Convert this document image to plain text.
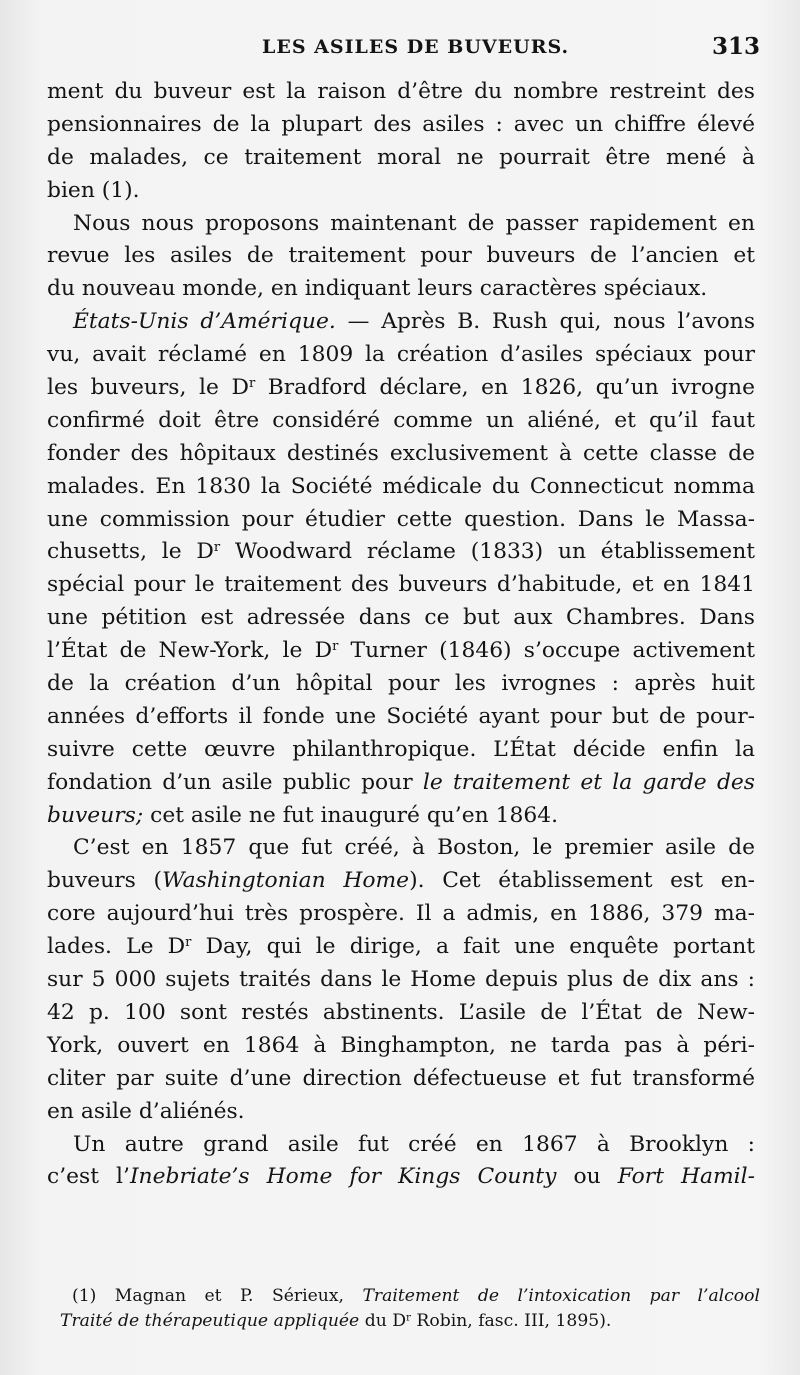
LES ASILES DE BUVEURS.	313
ment du buveur est la raison d’être du nombre restreint des
pensionnaires de la plupart des asiles : avec un chiffre élevé
de malades, ce traitement moral ne pourrait être mené à
bien (1).
Nous nous proposons maintenant de passer rapidement en
revue les asiles de traitement pour buveurs de l’ancien et
du nouveau monde, en indiquant leurs caractères spéciaux.
États-Unis d’Amérique. — Après B. Rush qui, nous l’avons
vu, avait réclamé en 1809 la création d’asiles spéciaux pour
les buveurs, le $D^r$ Bradford déclare, en 1826, qu’un ivrogne
confirmé doit être considéré comme un aliéné, et qu’il faut
fonder des hôpitaux destinés exclusivement à cette classe de
malades. En 1830 la Société médicale du Connecticut nomma
une commission pour étudier cette question. Dans le Massa-
chusetts, le $D^r$ Woodward réclame (1833) un établissement
spécial pour le traitement des buveurs d’habitude, et en 1841
une pétition est adressée dans ce but aux Chambres. Dans
l’État de New-York, le $D^r$ Turner (1846) s’occupe activement
de la création d’un hôpital pour les ivrognes : après huit
années d’efforts il fonde une Société ayant pour but de pour-
suivre cette œuvre philanthropique. L’État décide enfin la
fondation d’un asile public pour le traitement et la garde des
buveurs; cet asile ne fut inauguré qu’en 1864.
C’est en 1857 que fut créé, à Boston, le premier asile de
buveurs (Washingtonian Home). Cet établissement est en-
core aujourd’hui très prospère. Il a admis, en 1886, 379 ma-
lades. Le $D^r$ Day, qui le dirige, a fait une enquête portant
sur 5 000 sujets traités dans le Home depuis plus de dix ans :
42 p. 100 sont restés abstinents. L’asile de l’État de New-
York, ouvert en 1864 à Binghampton, ne tarda pas à péri-
cliter par suite d’une direction défectueuse et fut transformé
en asile d’aliénés.
Un autre grand asile fut créé en 1867 à Brooklyn :
c’est l’Inebriate’s Home for Kings County ou Fort Hamil-
(1) Magnan et P. Sérieux, Traitement de l’intoxication par l’alcool
Traité de thérapeutique appliquée du $D^r$ Robin, fasc. III, 1895).
